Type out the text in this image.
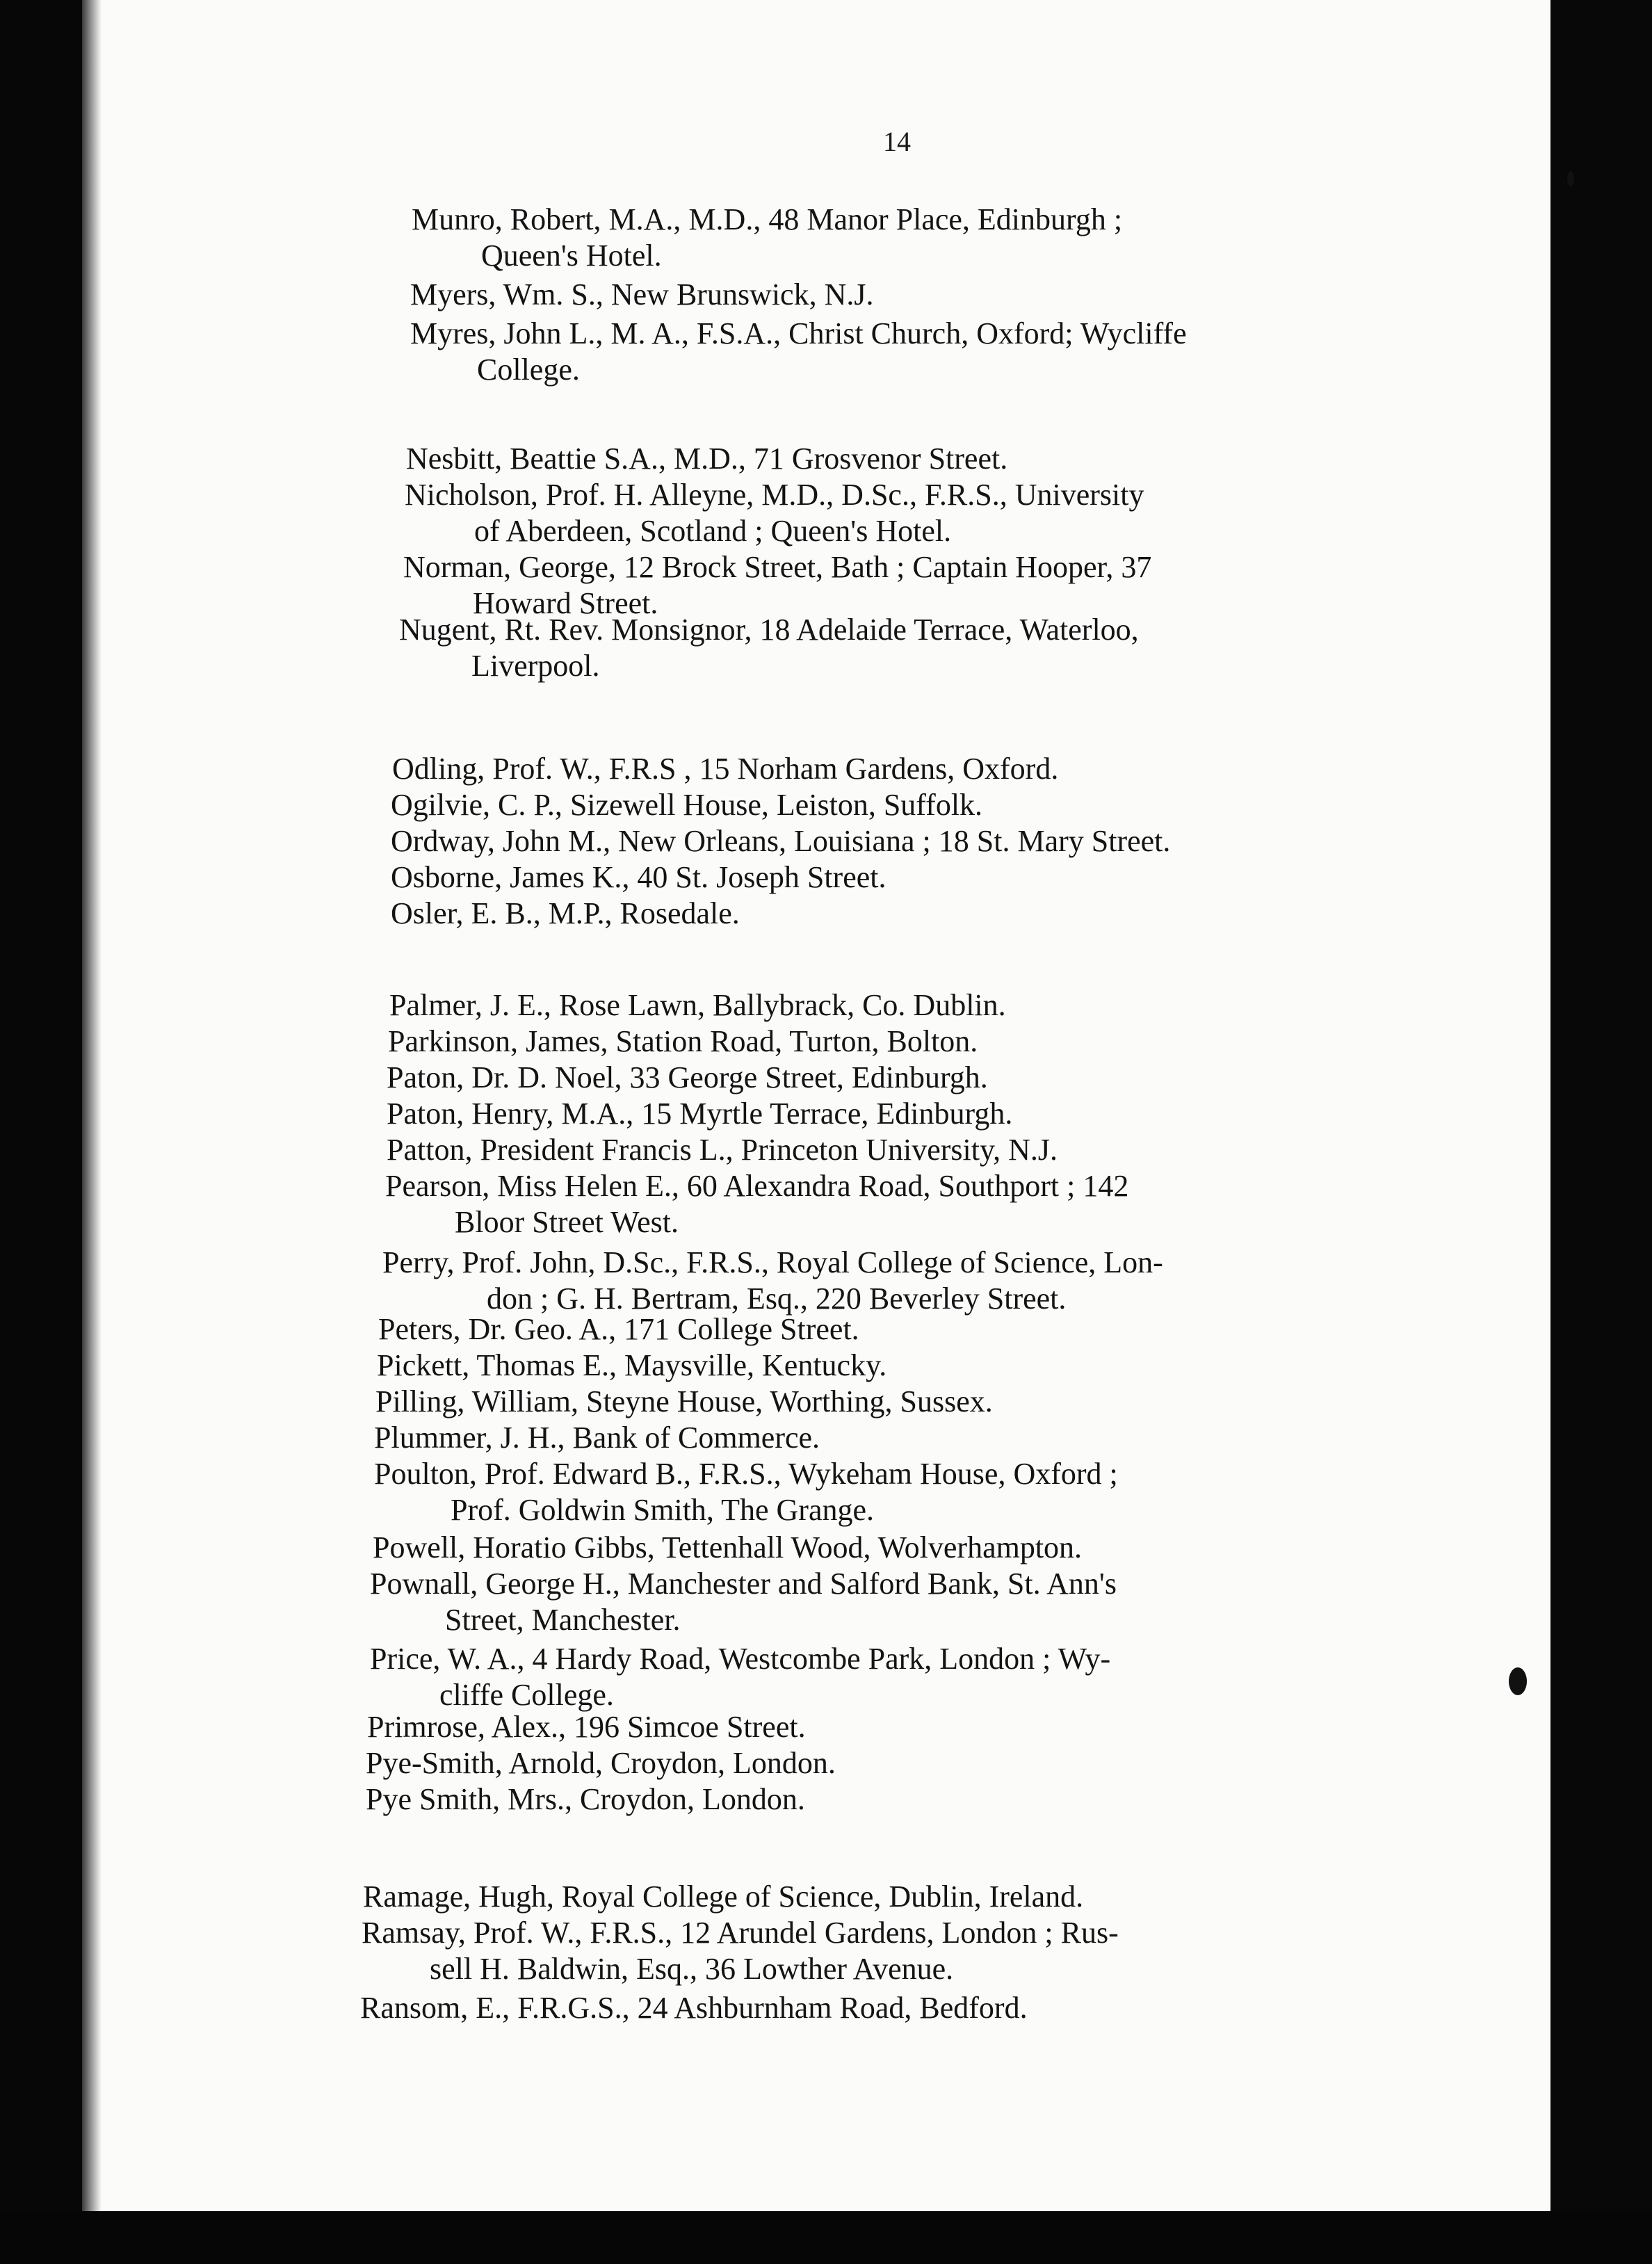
14
Munro, Robert, M.A., M.D., 48 Manor Place, Edinburgh ;
Queen's Hotel.
Myers, Wm. S., New Brunswick, N.J.
Myres, John L., M. A., F.S.A., Christ Church, Oxford; Wycliffe
College.
Nesbitt, Beattie S.A., M.D., 71 Grosvenor Street.
Nicholson, Prof. H. Alleyne, M.D., D.Sc., F.R.S., University
of Aberdeen, Scotland ; Queen's Hotel.
Norman, George, 12 Brock Street, Bath ; Captain Hooper, 37
Howard Street.
Nugent, Rt. Rev. Monsignor, 18 Adelaide Terrace, Waterloo,
Liverpool.
Odling, Prof. W., F.R.S , 15 Norham Gardens, Oxford.
Ogilvie, C. P., Sizewell House, Leiston, Suffolk.
Ordway, John M., New Orleans, Louisiana ; 18 St. Mary Street.
Osborne, James K., 40 St. Joseph Street.
Osler, E. B., M.P., Rosedale.
Palmer, J. E., Rose Lawn, Ballybrack, Co. Dublin.
Parkinson, James, Station Road, Turton, Bolton.
Paton, Dr. D. Noel, 33 George Street, Edinburgh.
Paton, Henry, M.A., 15 Myrtle Terrace, Edinburgh.
Patton, President Francis L., Princeton University, N.J.
Pearson, Miss Helen E., 60 Alexandra Road, Southport ; 142
Bloor Street West.
Perry, Prof. John, D.Sc., F.R.S., Royal College of Science, Lon-
don ; G. H. Bertram, Esq., 220 Beverley Street.
Peters, Dr. Geo. A., 171 College Street.
Pickett, Thomas E., Maysville, Kentucky.
Pilling, William, Steyne House, Worthing, Sussex.
Plummer, J. H., Bank of Commerce.
Poulton, Prof. Edward B., F.R.S., Wykeham House, Oxford ;
Prof. Goldwin Smith, The Grange.
Powell, Horatio Gibbs, Tettenhall Wood, Wolverhampton.
Pownall, George H., Manchester and Salford Bank, St. Ann's
Street, Manchester.
Price, W. A., 4 Hardy Road, Westcombe Park, London ; Wy-
cliffe College.
Primrose, Alex., 196 Simcoe Street.
Pye-Smith, Arnold, Croydon, London.
Pye Smith, Mrs., Croydon, London.
Ramage, Hugh, Royal College of Science, Dublin, Ireland.
Ramsay, Prof. W., F.R.S., 12 Arundel Gardens, London ; Rus-
sell H. Baldwin, Esq., 36 Lowther Avenue.
Ransom, E., F.R.G.S., 24 Ashburnham Road, Bedford.
